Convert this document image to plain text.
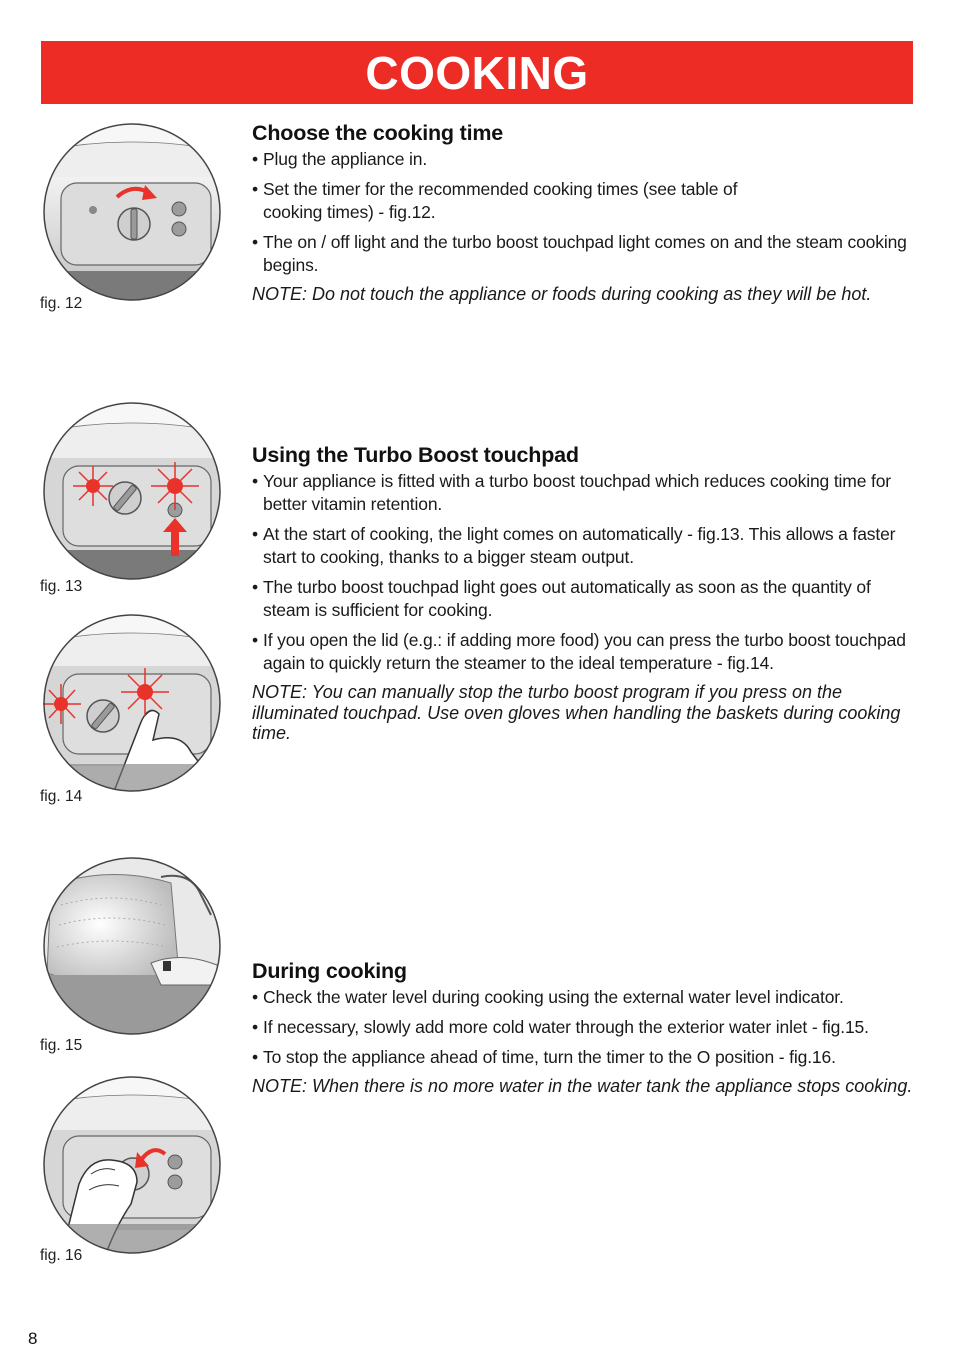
COOKING
fig. 12
fig. 13
fig. 14
fig. 15
fig. 16
Choose the cooking time
• Plug the appliance in.
• Set the timer for the recommended cooking times (see table of cooking times) - fig.12.
• The on / off light and the turbo boost touchpad light comes on and the steam cooking begins.

NOTE: Do not touch the appliance or foods during cooking as they will be hot.

Using the Turbo Boost touchpad
• Your appliance is fitted with a turbo boost touchpad which reduces cooking time for better vitamin retention.
• At the start of cooking, the light comes on automatically - fig.13. This allows a faster start to cooking, thanks to a bigger steam output.
• The turbo boost touchpad light goes out automatically as soon as the quantity of steam is sufficient for cooking.
• If you open the lid (e.g.: if adding more food) you can press the turbo boost touchpad again to quickly return the steamer to the ideal temperature - fig.14.

NOTE: You can manually stop the turbo boost program if you press on the illuminated touchpad. Use oven gloves when handling the baskets during cooking time.

During cooking
• Check the water level during cooking using the external water level indicator.
• If necessary, slowly add more cold water through the exterior water inlet - fig.15.
• To stop the appliance ahead of time, turn the timer to the O position - fig.16.

NOTE: When there is no more water in the water tank the appliance stops cooking.

8
